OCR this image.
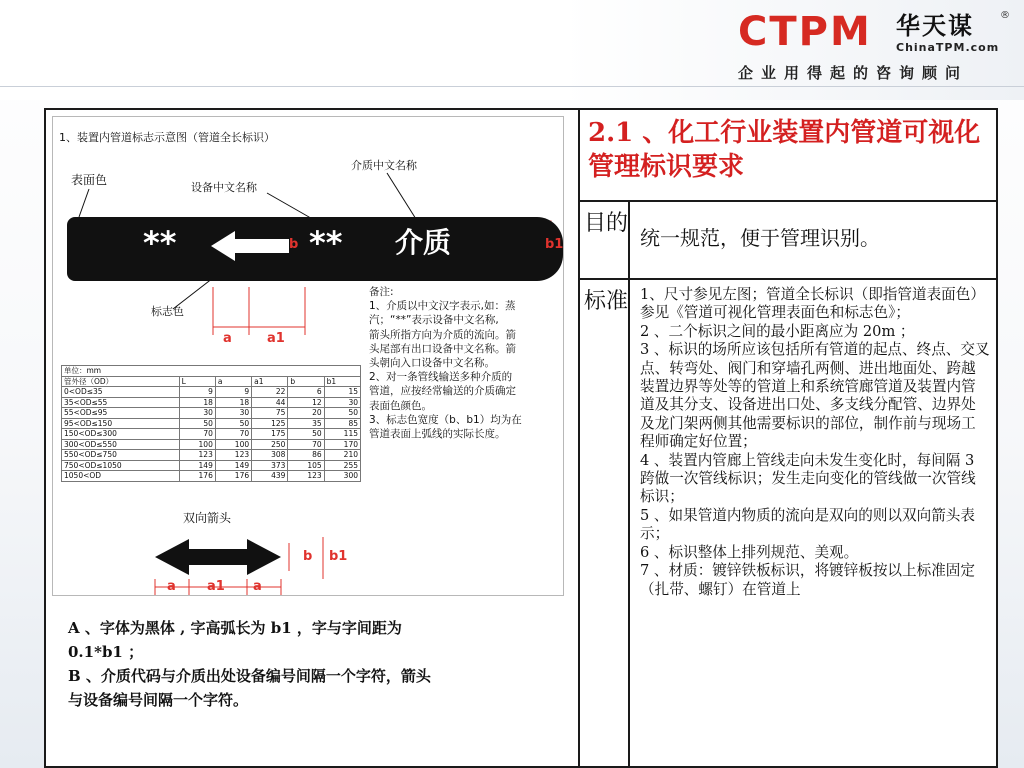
CTPM 华天谋	®
ChinaTPM.com
企业用得起的咨询顾问
1、装置内管道标志示意图（管道全长标识）
表面色
设备中文名称
介质中文名称
**	** 介质
b	b1
a	a1
标志色
备注:
1、介质以中文汉字表示,如：蒸
汽；“**”表示设备中文名称,
箭头所指方向为介质的流向。箭
头尾部有出口设备中文名称。箭
头朝向入口设备中文名称。
2、对一条管线输送多种介质的
管道，应按经常输送的介质确定
表面色颜色。
3、标志色宽度（b、b1）均为在
管道表面上弧线的实际长度。
单位：mm					
管外径（OD）	L	a	a1	b	b1
0<OD≤35	9	9	22	6	15
35<OD≤55	18	18	44	12	30
55<OD≤95	30	30	75	20	50
95<OD≤150	50	50	125	35	85
150<OD≤300	70	70	175	50	115
300<OD≤550	100	100	250	70	170
550<OD≤750	123	123	308	86	210
750<OD≤1050	149	149	373	105	255
1050<OD	176	176	439	123	300
双向箭头
b b1
a a1 a
A 、字体为黑体 , 字高弧长为 b1 ，字与字间距为
0.1*b1 ；
B 、介质代码与介质出处设备编号间隔一个字符，箭头
与设备编号间隔一个字符。
2.1 、化工行业装置内管道可视化管理标识要求
目的
统一规范，便于管理识别。
标准 1、尺寸参见左图；管道全长标识（即指管道表面色）参见《管道可视化管理表面色和标志色》；

2 、二个标识之间的最小距离应为 20m ；

3 、标识的场所应该包括所有管道的起点、终点、交叉点、转弯处、阀门和穿墙孔两侧、进出地面处、跨越装置边界等处等的管道上和系统管廊管道及装置内管道及其分支、设备进出口处、多支线分配管、边界处及龙门架两侧其他需要标识的部位，制作前与现场工程师确定好位置；

4 、装置内管廊上管线走向未发生变化时，每间隔 3 跨做一次管线标识；发生走向变化的管线做一次管线标识；

5 、如果管道内物质的流向是双向的则以双向箭头表示；

6 、标识整体上排列规范、美观。

7 、材质：镀锌铁板标识，将镀锌板按以上标准固定（扎带、螺钉）在管道上
